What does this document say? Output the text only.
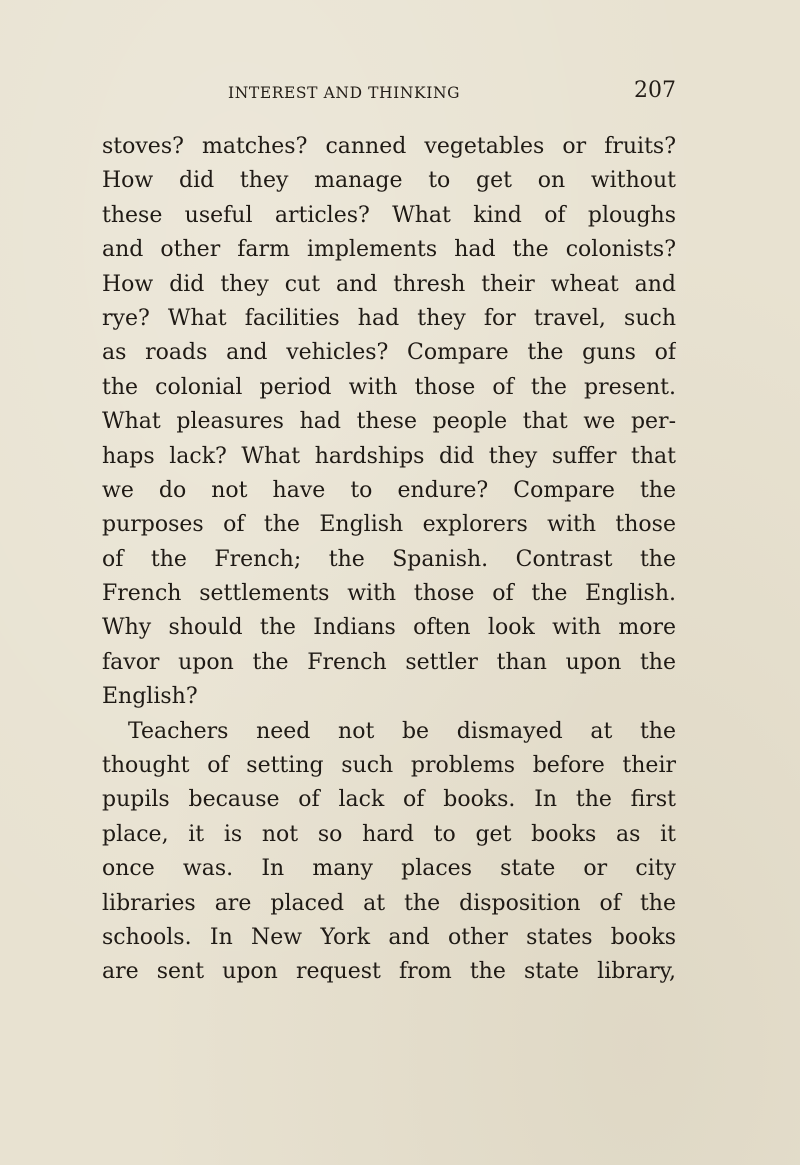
INTEREST AND THINKING	207
stoves? matches? canned vegetables or fruits?
How did they manage to get on without
these useful articles? What kind of ploughs
and other farm implements had the colonists?
How did they cut and thresh their wheat and
rye? What facilities had they for travel, such
as roads and vehicles? Compare the guns of
the colonial period with those of the present.
What pleasures had these people that we per-
haps lack? What hardships did they suffer that
we do not have to endure? Compare the
purposes of the English explorers with those
of the French; the Spanish. Contrast the
French settlements with those of the English.
Why should the Indians often look with more
favor upon the French settler than upon the
English?
Teachers need not be dismayed at the
thought of setting such problems before their
pupils because of lack of books. In the first
place, it is not so hard to get books as it
once was. In many places state or city
libraries are placed at the disposition of the
schools. In New York and other states books
are sent upon request from the state library,
